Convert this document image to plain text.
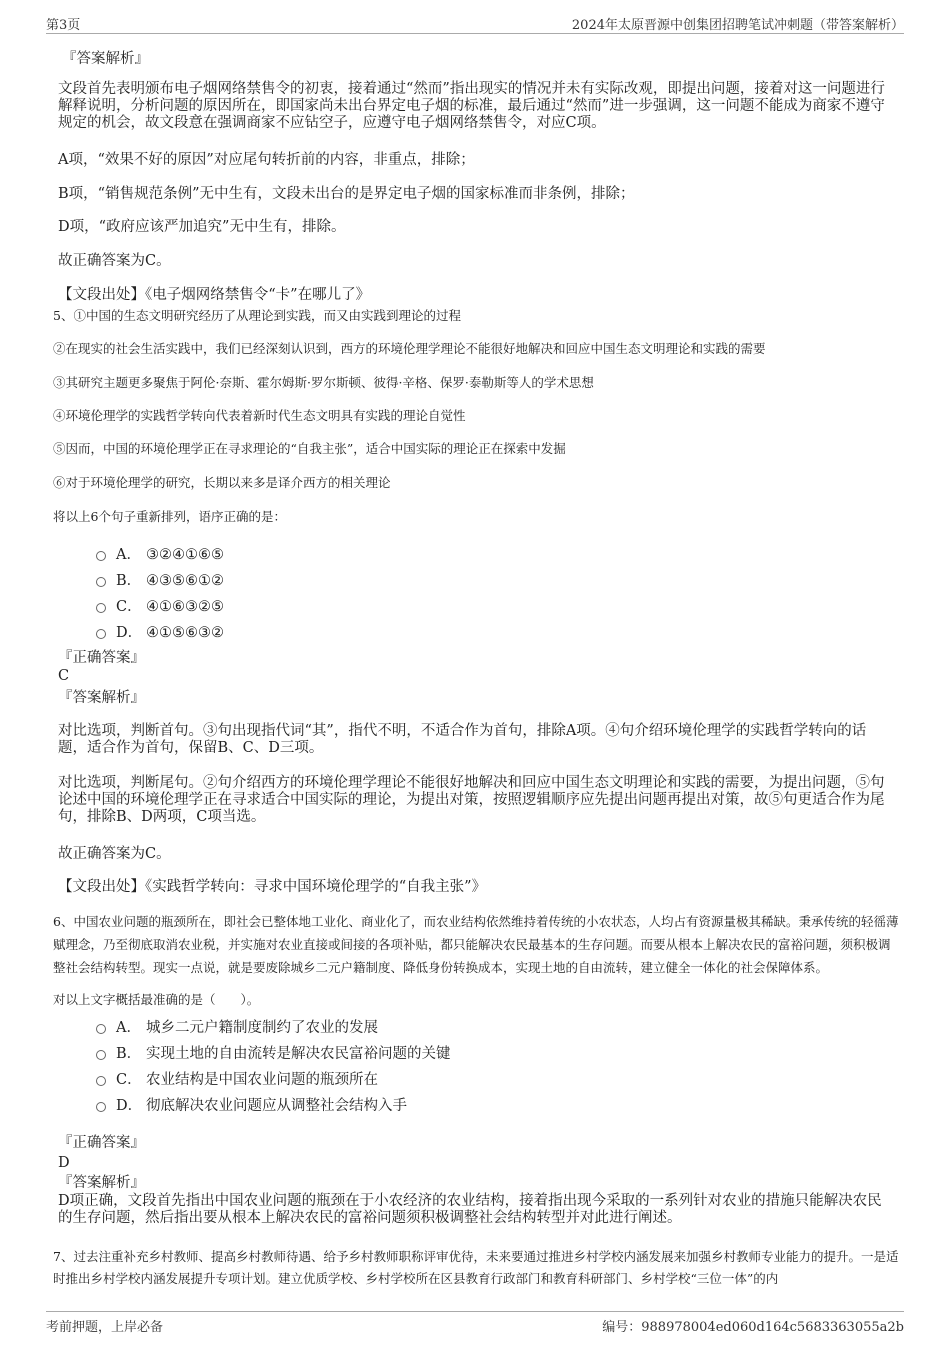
第3页	2024年太原晋源中创集团招聘笔试冲刺题（带答案解析）

『答案解析』

文段首先表明颁布电子烟网络禁售令的初衷，接着通过“然而”指出现实的情况并未有实际改观，即提出问题，接着对这一问题进行解释说明，分析问题的原因所在，即国家尚未出台界定电子烟的标准，最后通过“然而”进一步强调，这一问题不能成为商家不遵守规定的机会，故文段意在强调商家不应钻空子，应遵守电子烟网络禁售令，对应C项。

A项，“效果不好的原因”对应尾句转折前的内容，非重点，排除；

B项，“销售规范条例”无中生有，文段未出台的是界定电子烟的国家标准而非条例，排除；

D项，“政府应该严加追究”无中生有，排除。

故正确答案为C。

【文段出处】《电子烟网络禁售令“卡”在哪儿了》

5、①中国的生态文明研究经历了从理论到实践，而又由实践到理论的过程

②在现实的社会生活实践中，我们已经深刻认识到，西方的环境伦理学理论不能很好地解决和回应中国生态文明理论和实践的需要

③其研究主题更多聚焦于阿伦·奈斯、霍尔姆斯·罗尔斯顿、彼得·辛格、保罗·泰勒斯等人的学术思想

④环境伦理学的实践哲学转向代表着新时代生态文明具有实践的理论自觉性

⑤因而，中国的环境伦理学正在寻求理论的“自我主张”，适合中国实际的理论正在探索中发掘

⑥对于环境伦理学的研究，长期以来多是译介西方的相关理论

将以上6个句子重新排列，语序正确的是：

A． ③②④①⑥⑤
B． ④③⑤⑥①②
C． ④①⑥③②⑤
D． ④①⑤⑥③②

『正确答案』

C

『答案解析』

对比选项，判断首句。③句出现指代词“其”，指代不明，不适合作为首句，排除A项。④句介绍环境伦理学的实践哲学转向的话题，适合作为首句，保留B、C、D三项。

对比选项，判断尾句。②句介绍西方的环境伦理学理论不能很好地解决和回应中国生态文明理论和实践的需要，为提出问题，⑤句论述中国的环境伦理学正在寻求适合中国实际的理论，为提出对策，按照逻辑顺序应先提出问题再提出对策，故⑤句更适合作为尾句，排除B、D两项，C项当选。

故正确答案为C。

【文段出处】《实践哲学转向：寻求中国环境伦理学的“自我主张”》

6、中国农业问题的瓶颈所在，即社会已整体地工业化、商业化了，而农业结构依然维持着传统的小农状态，人均占有资源量极其稀缺。秉承传统的轻徭薄赋理念，乃至彻底取消农业税，并实施对农业直接或间接的各项补贴，都只能解决农民最基本的生存问题。而要从根本上解决农民的富裕问题，须积极调整社会结构转型。现实一点说，就是要废除城乡二元户籍制度、降低身份转换成本，实现土地的自由流转，建立健全一体化的社会保障体系。

对以上文字概括最准确的是（　　）。

A． 城乡二元户籍制度制约了农业的发展
B． 实现土地的自由流转是解决农民富裕问题的关键
C． 农业结构是中国农业问题的瓶颈所在
D． 彻底解决农业问题应从调整社会结构入手

『正确答案』

D

『答案解析』

D项正确，文段首先指出中国农业问题的瓶颈在于小农经济的农业结构，接着指出现今采取的一系列针对农业的措施只能解决农民的生存问题，然后指出要从根本上解决农民的富裕问题须积极调整社会结构转型并对此进行阐述。

7、过去注重补充乡村教师、提高乡村教师待遇、给予乡村教师职称评审优待，未来要通过推进乡村学校内涵发展来加强乡村教师专业能力的提升。一是适时推出乡村学校内涵发展提升专项计划。建立优质学校、乡村学校所在区县教育行政部门和教育科研部门、乡村学校“三位一体”的内

考前押题，上岸必备	编号：988978004ed060d164c5683363055a2b
